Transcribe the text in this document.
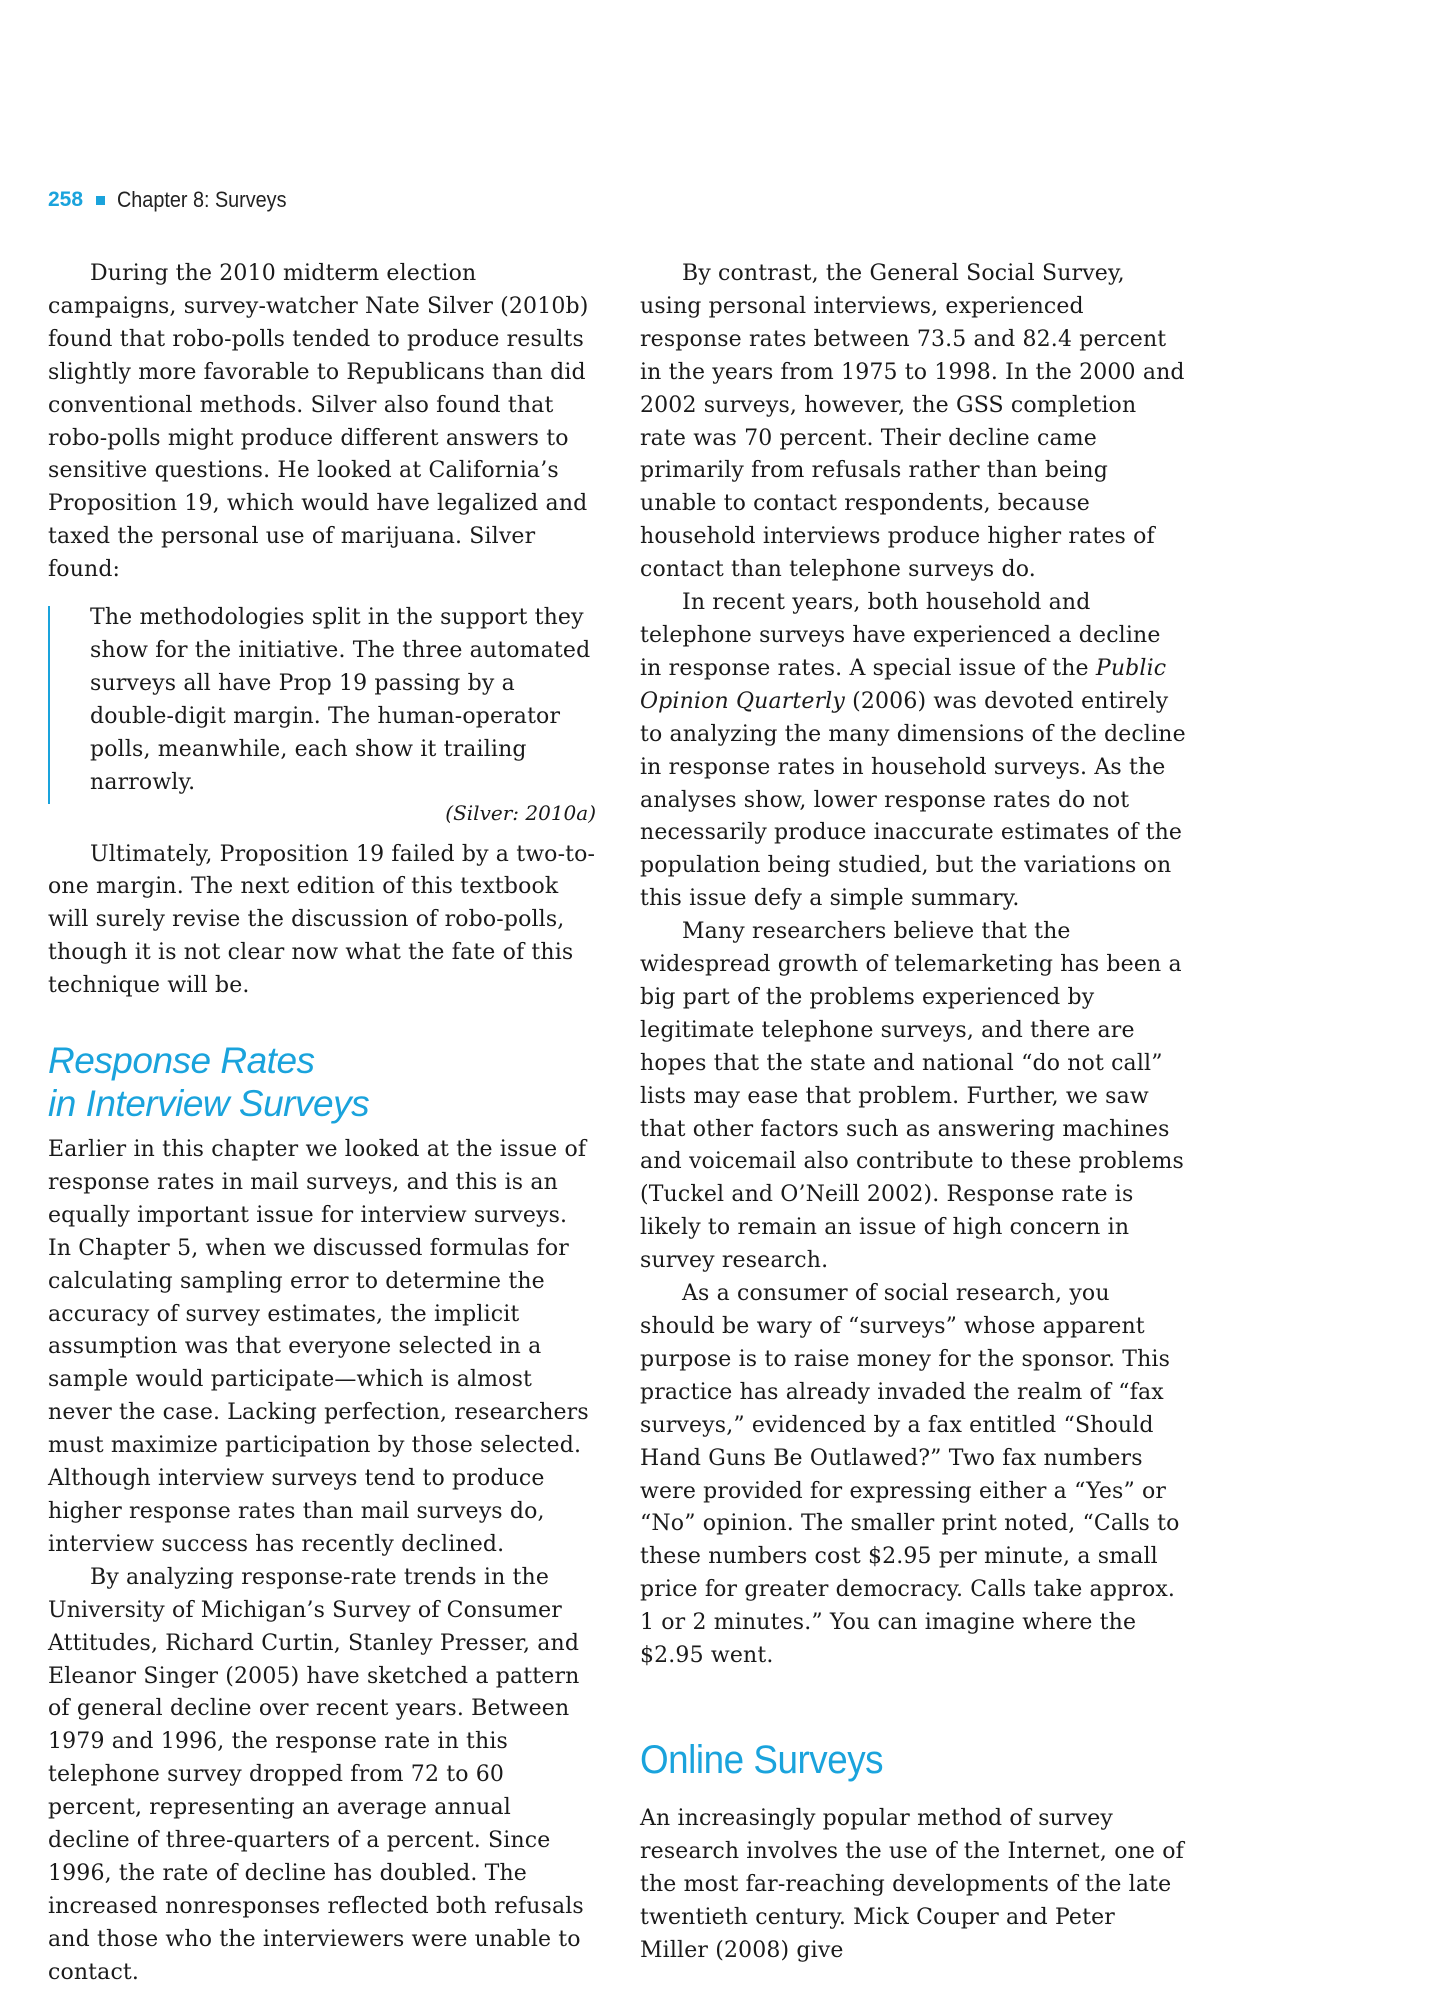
258 Chapter 8: Surveys

During the 2010 midterm election campaigns, survey-watcher Nate Silver (2010b) found that robo-polls tended to produce results slightly more favorable to Republicans than did conventional methods. Silver also found that robo-polls might produce different answers to sensitive questions. He looked at California’s Proposition 19, which would have legalized and taxed the personal use of marijuana. Silver found:

The methodologies split in the support they show for the initiative. The three automated surveys all have Prop 19 passing by a double-digit margin. The human-operator polls, meanwhile, each show it trailing narrowly.

(Silver: 2010a)

Ultimately, Proposition 19 failed by a two-to-one margin. The next edition of this textbook will surely revise the discussion of robo-polls, though it is not clear now what the fate of this technique will be.

Response Rates
in Interview Surveys

Earlier in this chapter we looked at the issue of response rates in mail surveys, and this is an equally important issue for interview surveys. In Chapter 5, when we discussed formulas for calculating sampling error to determine the accuracy of survey estimates, the implicit assumption was that everyone selected in a sample would participate—which is almost never the case. Lacking perfection, researchers must maximize participation by those selected. Although interview surveys tend to produce higher response rates than mail surveys do, interview success has recently declined.

By analyzing response-rate trends in the University of Michigan’s Survey of Consumer Attitudes, Richard Curtin, Stanley Presser, and Eleanor Singer (2005) have sketched a pattern of general decline over recent years. Between 1979 and 1996, the response rate in this telephone survey dropped from 72 to 60 percent, representing an average annual decline of three-quarters of a percent. Since 1996, the rate of decline has doubled. The increased nonresponses reflected both refusals and those who the interviewers were unable to contact.

By contrast, the General Social Survey, using personal interviews, experienced response rates between 73.5 and 82.4 percent in the years from 1975 to 1998. In the 2000 and 2002 surveys, however, the GSS completion rate was 70 percent. Their decline came primarily from refusals rather than being unable to contact respondents, because household interviews produce higher rates of contact than telephone surveys do.

In recent years, both household and telephone surveys have experienced a decline in response rates. A special issue of the Public Opinion Quarterly (2006) was devoted entirely to analyzing the many dimensions of the decline in response rates in household surveys. As the analyses show, lower response rates do not necessarily produce inaccurate estimates of the population being studied, but the variations on this issue defy a simple summary.

Many researchers believe that the widespread growth of telemarketing has been a big part of the problems experienced by legitimate telephone surveys, and there are hopes that the state and national “do not call” lists may ease that problem. Further, we saw that other factors such as answering machines and voicemail also contribute to these problems (Tuckel and O’Neill 2002). Response rate is likely to remain an issue of high concern in survey research.

As a consumer of social research, you should be wary of “surveys” whose apparent purpose is to raise money for the sponsor. This practice has already invaded the realm of “fax surveys,” evidenced by a fax entitled “Should Hand Guns Be Outlawed?” Two fax numbers were provided for expressing either a “Yes” or “No” opinion. The smaller print noted, “Calls to these numbers cost $2.95 per minute, a small price for greater democracy. Calls take approx. 1 or 2 minutes.” You can imagine where the $2.95 went.

Online Surveys

An increasingly popular method of survey research involves the use of the Internet, one of the most far-reaching developments of the late twentieth century. Mick Couper and Peter Miller (2008) give
